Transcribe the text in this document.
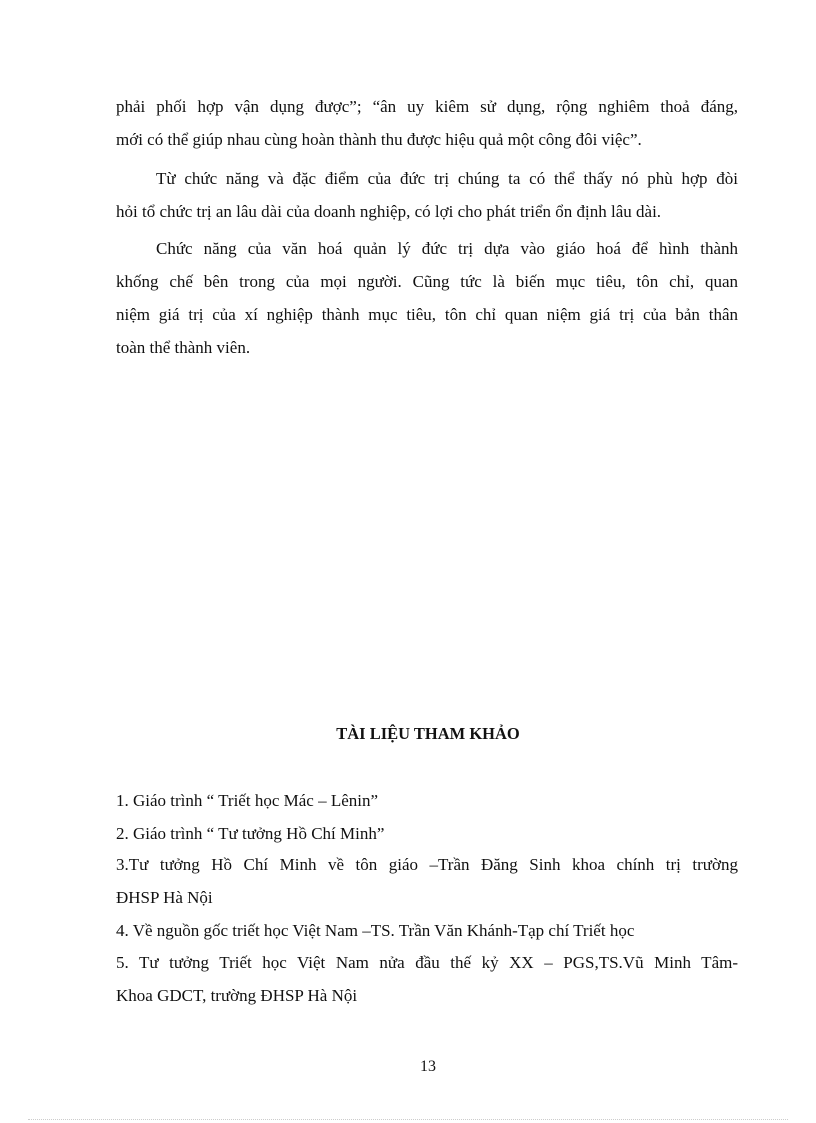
phải phối hợp vận dụng được”; “ân uy kiêm sử dụng, rộng nghiêm thoả đáng,
mới có thể giúp nhau cùng hoàn thành thu được hiệu quả một công đôi việc”.
Từ chức năng và đặc điểm của đức trị chúng ta có thể thấy nó phù hợp đòi
hỏi tổ chức trị an lâu dài của doanh nghiệp, có lợi cho phát triển ổn định lâu dài.
Chức năng của văn hoá quản lý đức trị dựa vào giáo hoá để hình thành
khống chế bên trong của mọi người. Cũng tức là biến mục tiêu, tôn chỉ, quan
niệm giá trị của xí nghiệp thành mục tiêu, tôn chỉ quan niệm giá trị của bản thân
toàn thể thành viên.
TÀI LIỆU THAM KHẢO
1. Giáo trình “ Triết học Mác – Lênin”
2. Giáo trình “ Tư tưởng Hồ Chí Minh”
3.Tư tưởng Hồ Chí Minh về tôn giáo –Trần Đăng Sinh khoa chính trị trường
ĐHSP Hà Nội
4. Về nguồn gốc triết học Việt Nam –TS. Trần Văn Khánh-Tạp chí Triết học
5. Tư tưởng Triết học Việt Nam nửa đầu thế kỷ XX – PGS,TS.Vũ Minh Tâm-
Khoa GDCT, trường ĐHSP Hà Nội
13
